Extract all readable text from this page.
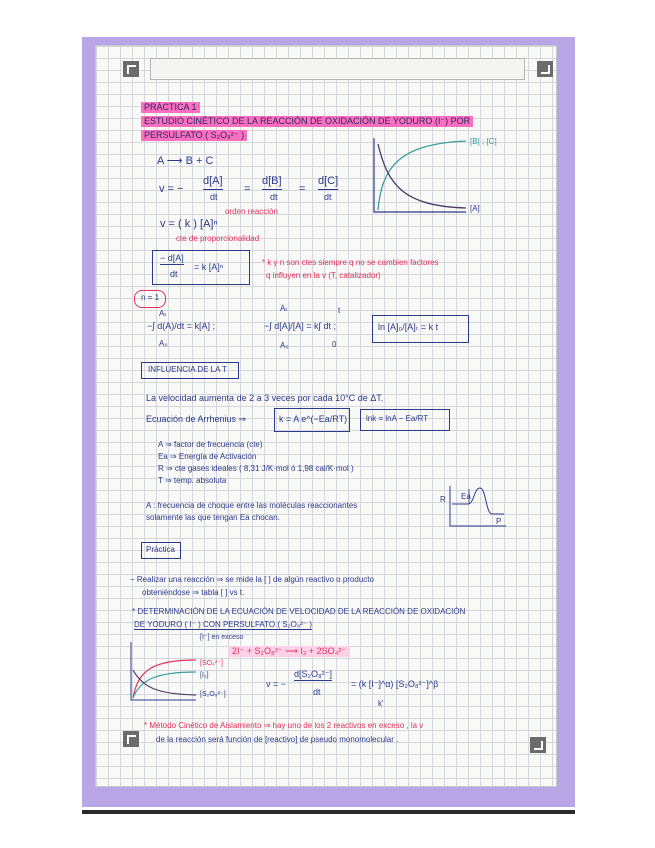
PRÁCTICA 1
ESTUDIO CINÉTICO DE LA REACCIÓN DE OXIDACIÓN DE YODURO (I⁻) POR
PERSULFATO ( S₂O₈²⁻ )
A ⟶ B + C
v = −
d[A]
dt
=
d[B]
dt
=
d[C]
dt
v = ( k ) [A]ⁿ
orden reacción
cte de proporcionalidad
− d[A]
dt
= k [A]ⁿ	* k y n son ctes siempre q no se cambien factores
q influyen en la v (T, catalizador)
[B] ; [C]
[A]
n = 1
−∫ d(A)/dt = k[A] ;
Aₜ
A₀
−∫ d[A]/[A] = k∫ dt ;
Aₜ
A₀
t
0
ln [A]₀/[A]ₜ = k t
INFLUENCIA DE LA T
La velocidad aumenta de 2 a 3 veces por cada 10°C de ΔT.
Ecuación de Arrhenius ⇒	k = A e^(−Ea/RT) lnk = lnA − Ea/RT
A ⇒ factor de frecuencia (cte)
Ea ⇒ Energía de Activación
R ⇒ cte gases ideales ( 8,31 J/K·mol ó 1,98 cal/K·mol )
T ⇒ temp. absoluta
A : frecuencia de choque entre las moléculas reaccionantes
solamente las que tengan Ea chocan.
R Ea
P
Práctica
− Realizar una reacción ⇒ se mide la [ ] de algún reactivo o producto
obteniéndose ⇒ tabla [ ] vs t.
* DETERMINACIÓN DE LA ECUACIÓN DE VELOCIDAD DE LA REACCIÓN DE OXIDACIÓN
DE YODURO ( I⁻ ) CON PERSULFATO ( S₂O₈²⁻ )
[I⁻] en exceso
2I⁻ + S₂O₈²⁻ ⟶ I₂ + 2SO₄²⁻
[SO₄²⁻]
[I₂]
[S₂O₈²⁻]
v = −
d[S₂O₈²⁻]
dt
= (k [I⁻]^α) [S₂O₈²⁻]^β
k'
* Método Cinético de Aislamiento ⇒ hay uno de los 2 reactivos en exceso , la v
de la reacción será función de [reactivo] de pseudo monomolecular .
